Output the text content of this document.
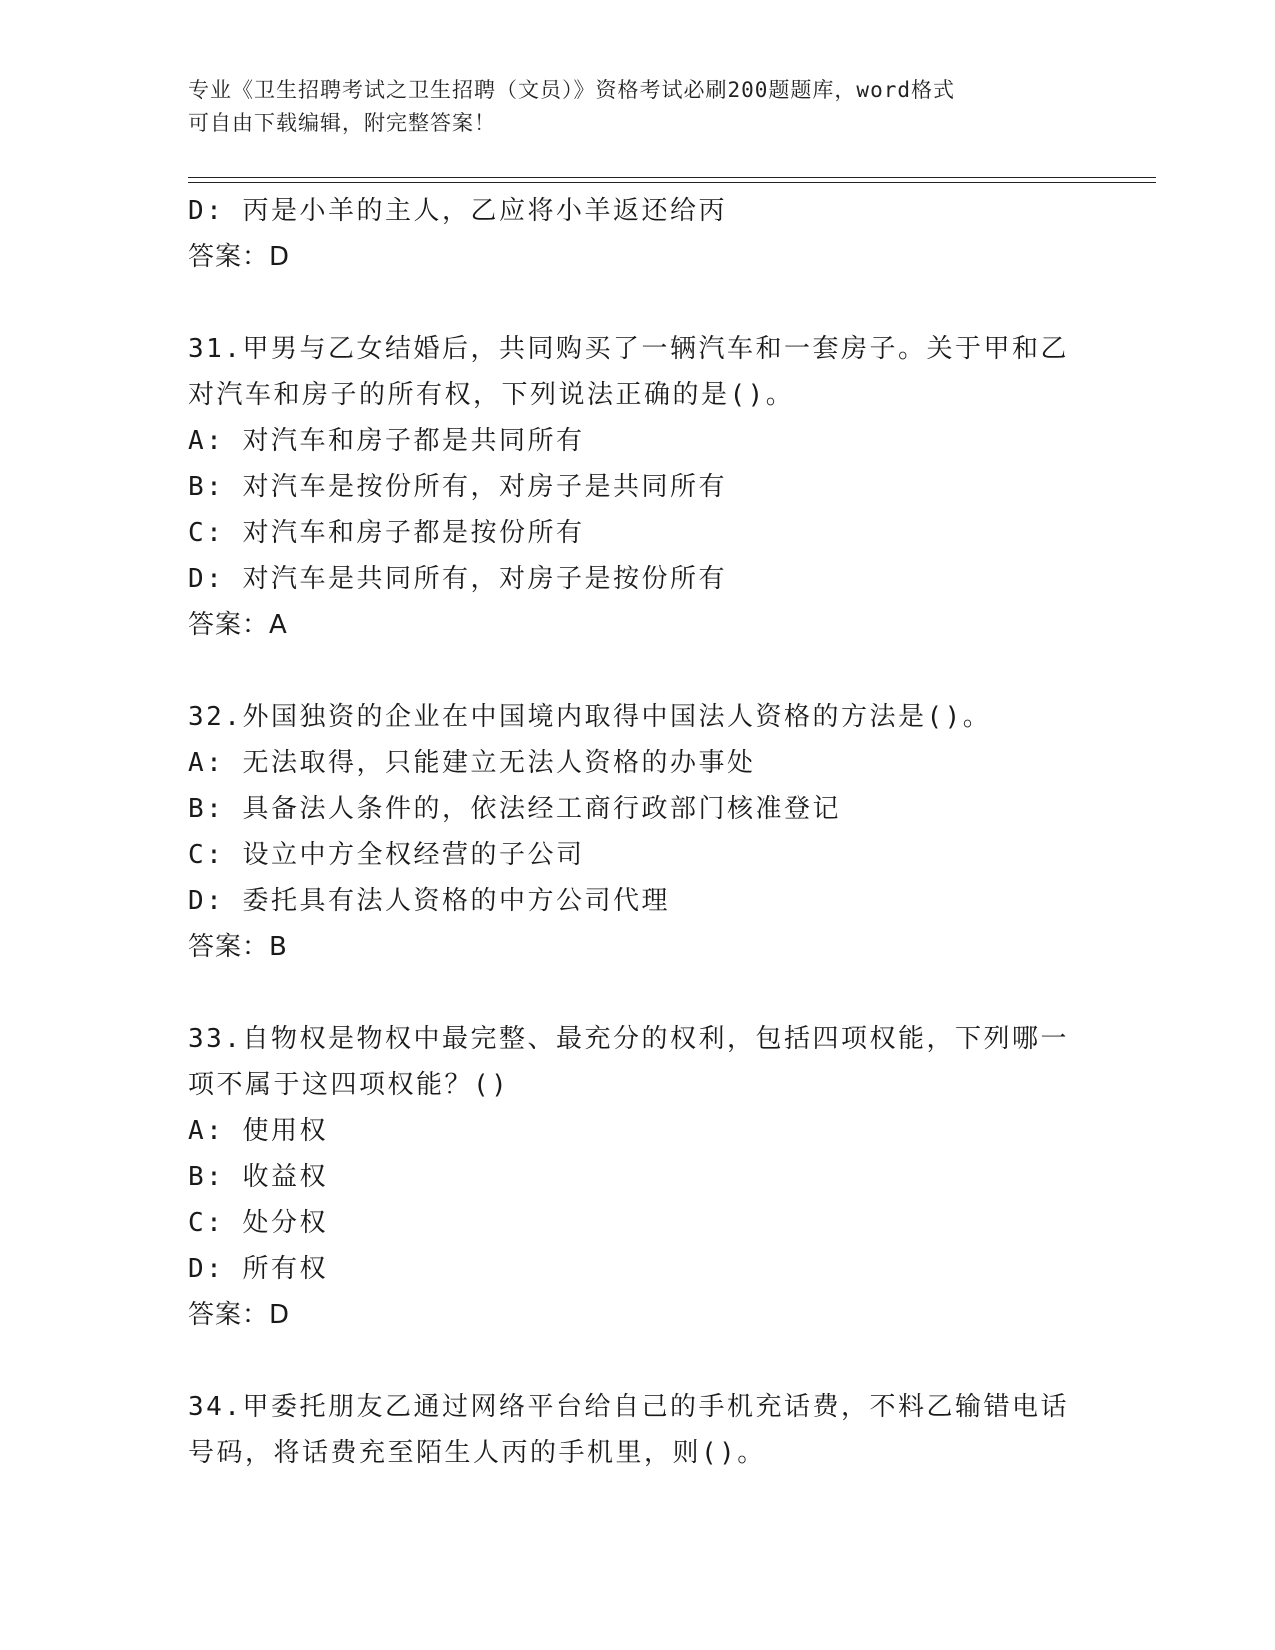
专业《卫生招聘考试之卫生招聘（文员）》资格考试必刷200题题库，word格式
可自由下载编辑，附完整答案！
D: 丙是小羊的主人，乙应将小羊返还给丙
答案：D
31.甲男与乙女结婚后，共同购买了一辆汽车和一套房子。关于甲和乙
对汽车和房子的所有权，下列说法正确的是()。
A: 对汽车和房子都是共同所有
B: 对汽车是按份所有，对房子是共同所有
C: 对汽车和房子都是按份所有
D: 对汽车是共同所有，对房子是按份所有
答案：A
32.外国独资的企业在中国境内取得中国法人资格的方法是()。
A: 无法取得，只能建立无法人资格的办事处
B: 具备法人条件的，依法经工商行政部门核准登记
C: 设立中方全权经营的子公司
D: 委托具有法人资格的中方公司代理
答案：B
33.自物权是物权中最完整、最充分的权利，包括四项权能，下列哪一
项不属于这四项权能？()
A: 使用权
B: 收益权
C: 处分权
D: 所有权
答案：D
34.甲委托朋友乙通过网络平台给自己的手机充话费，不料乙输错电话
号码，将话费充至陌生人丙的手机里，则()。
